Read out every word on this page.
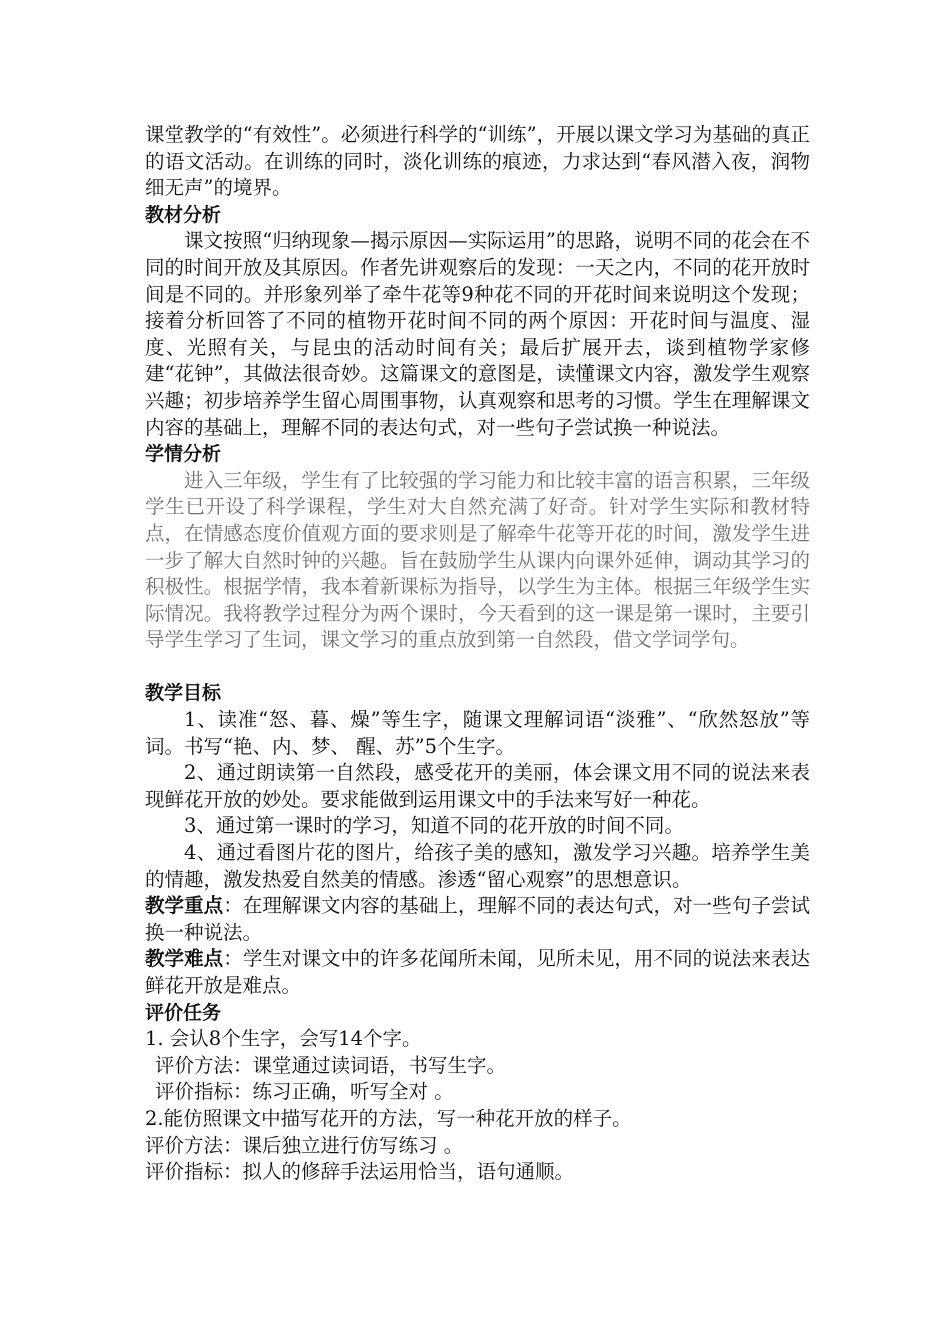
课堂教学的“有效性”。必须进行科学的“训练”，开展以课文学习为基础的真正的语文活动。在训练的同时，淡化训练的痕迹，力求达到“春风潜入夜，润物细无声”的境界。

教材分析

课文按照“归纳现象—揭示原因—实际运用”的思路，说明不同的花会在不同的时间开放及其原因。作者先讲观察后的发现：一天之内，不同的花开放时间是不同的。并形象列举了牵牛花等9种花不同的开花时间来说明这个发现；接着分析回答了不同的植物开花时间不同的两个原因：开花时间与温度、湿度、光照有关，与昆虫的活动时间有关；最后扩展开去，谈到植物学家修建“花钟”，其做法很奇妙。这篇课文的意图是，读懂课文内容，激发学生观察兴趣；初步培养学生留心周围事物，认真观察和思考的习惯。学生在理解课文内容的基础上，理解不同的表达句式，对一些句子尝试换一种说法。

学情分析

进入三年级，学生有了比较强的学习能力和比较丰富的语言积累，三年级学生已开设了科学课程，学生对大自然充满了好奇。针对学生实际和教材特点，在情感态度价值观方面的要求则是了解牵牛花等开花的时间，激发学生进一步了解大自然时钟的兴趣。旨在鼓励学生从课内向课外延伸，调动其学习的积极性。根据学情，我本着新课标为指导，以学生为主体。根据三年级学生实际情况。我将教学过程分为两个课时，今天看到的这一课是第一课时，主要引导学生学习了生词，课文学习的重点放到第一自然段，借文学词学句。

教学目标

1、读准“怒、暮、燥”等生字，随课文理解词语“淡雅”、“欣然怒放”等词。书写“艳、内、梦、 醒、苏”5个生字。

2、通过朗读第一自然段，感受花开的美丽，体会课文用不同的说法来表现鲜花开放的妙处。要求能做到运用课文中的手法来写好一种花。

3、通过第一课时的学习，知道不同的花开放的时间不同。

4、通过看图片花的图片，给孩子美的感知，激发学习兴趣。培养学生美的情趣，激发热爱自然美的情感。渗透“留心观察”的思想意识。

教学重点：在理解课文内容的基础上，理解不同的表达句式，对一些句子尝试换一种说法。

教学难点：学生对课文中的许多花闻所未闻，见所未见，用不同的说法来表达鲜花开放是难点。

评价任务

1. 会认8个生字，会写14个字。

评价方法：课堂通过读词语，书写生字。

评价指标：练习正确，听写全对 。

2.能仿照课文中描写花开的方法，写一种花开放的样子。

评价方法：课后独立进行仿写练习 。

评价指标：拟人的修辞手法运用恰当，语句通顺。
